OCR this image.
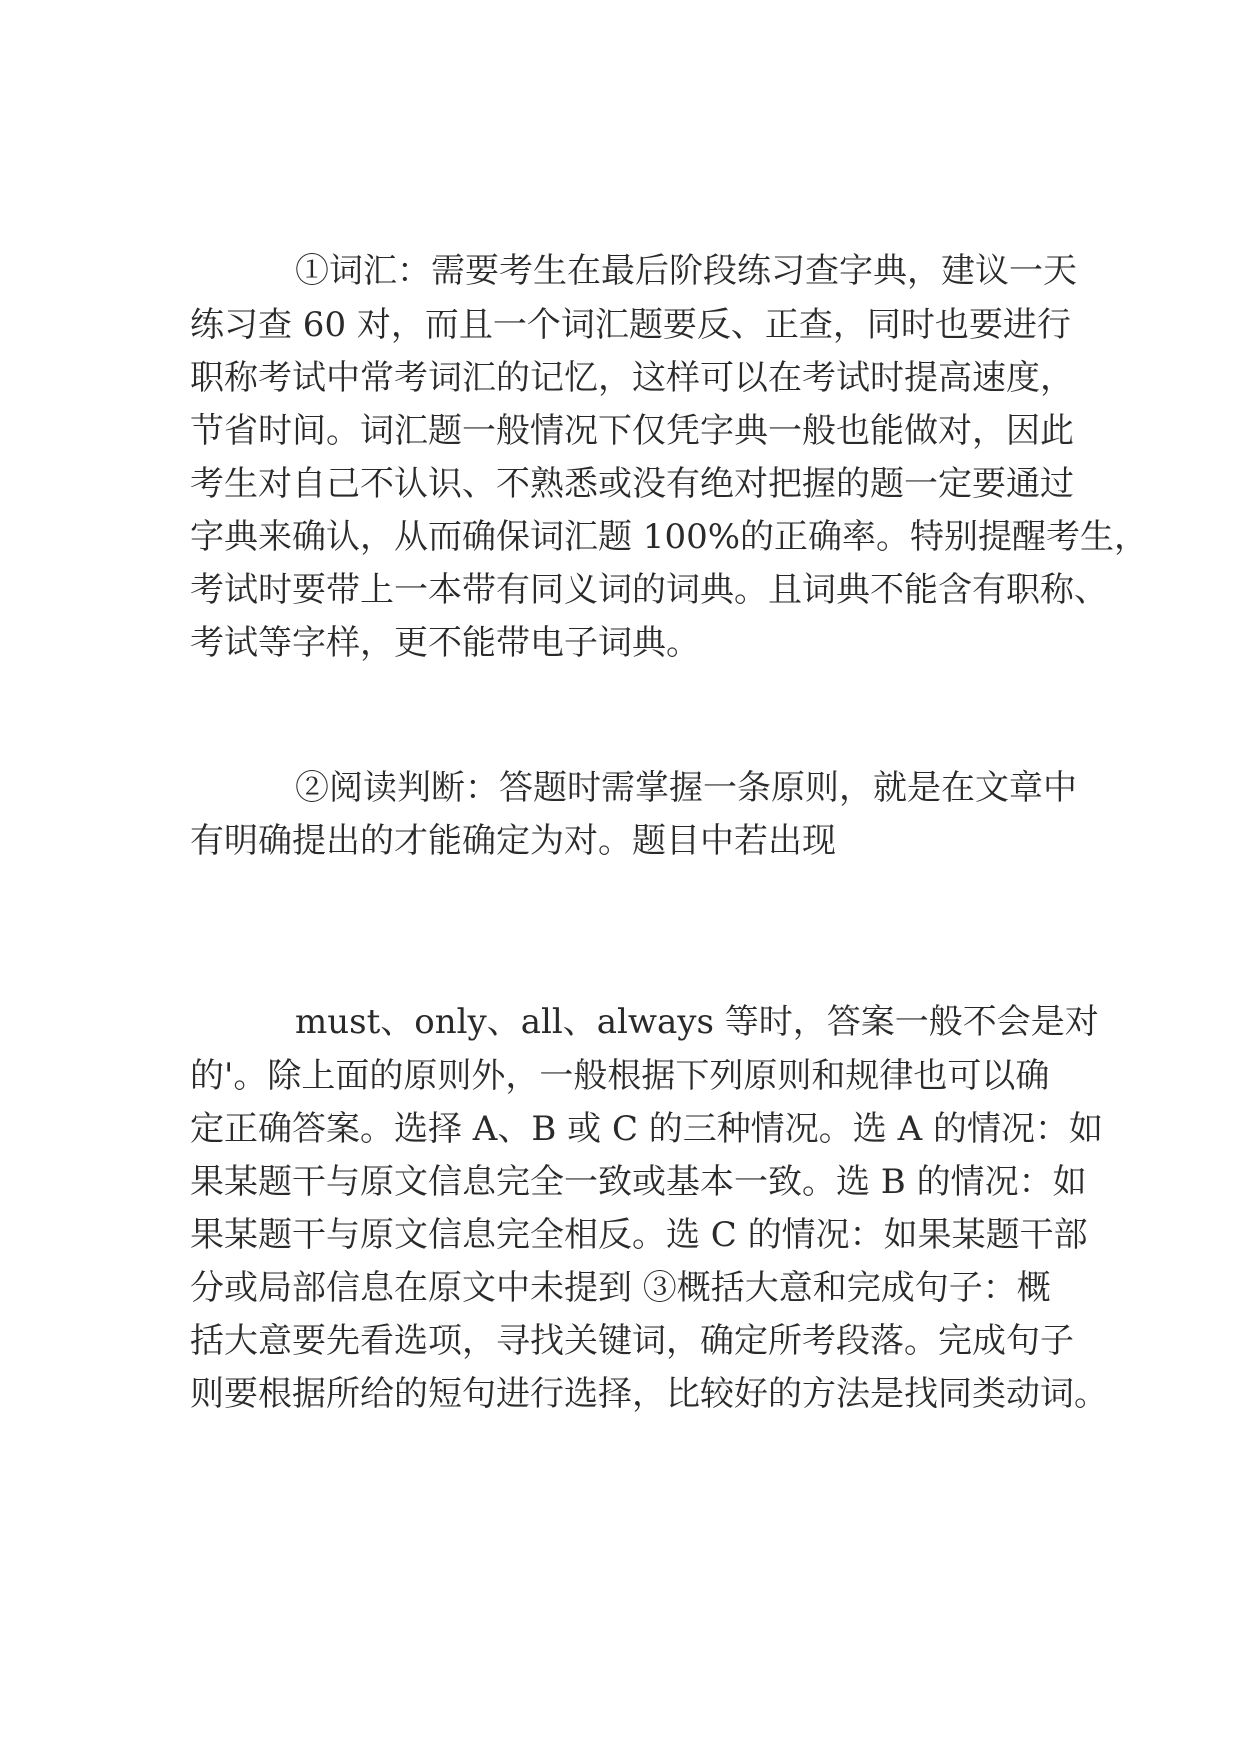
①词汇：需要考生在最后阶段练习查字典，建议一天

练习查 60 对，而且一个词汇题要反、正查，同时也要进行

职称考试中常考词汇的记忆，这样可以在考试时提高速度，

节省时间。词汇题一般情况下仅凭字典一般也能做对，因此

考生对自己不认识、不熟悉或没有绝对把握的题一定要通过

字典来确认，从而确保词汇题 100%的正确率。特别提醒考生，

考试时要带上一本带有同义词的词典。且词典不能含有职称、

考试等字样，更不能带电子词典。

②阅读判断：答题时需掌握一条原则，就是在文章中

有明确提出的才能确定为对。题目中若出现

must、only、all、always 等时，答案一般不会是对

的'。除上面的原则外，一般根据下列原则和规律也可以确

定正确答案。选择 A、B 或 C 的三种情况。选 A 的情况：如

果某题干与原文信息完全一致或基本一致。选 B 的情况：如

果某题干与原文信息完全相反。选 C 的情况：如果某题干部

分或局部信息在原文中未提到 ③概括大意和完成句子：概

括大意要先看选项，寻找关键词，确定所考段落。完成句子

则要根据所给的短句进行选择，比较好的方法是找同类动词。
